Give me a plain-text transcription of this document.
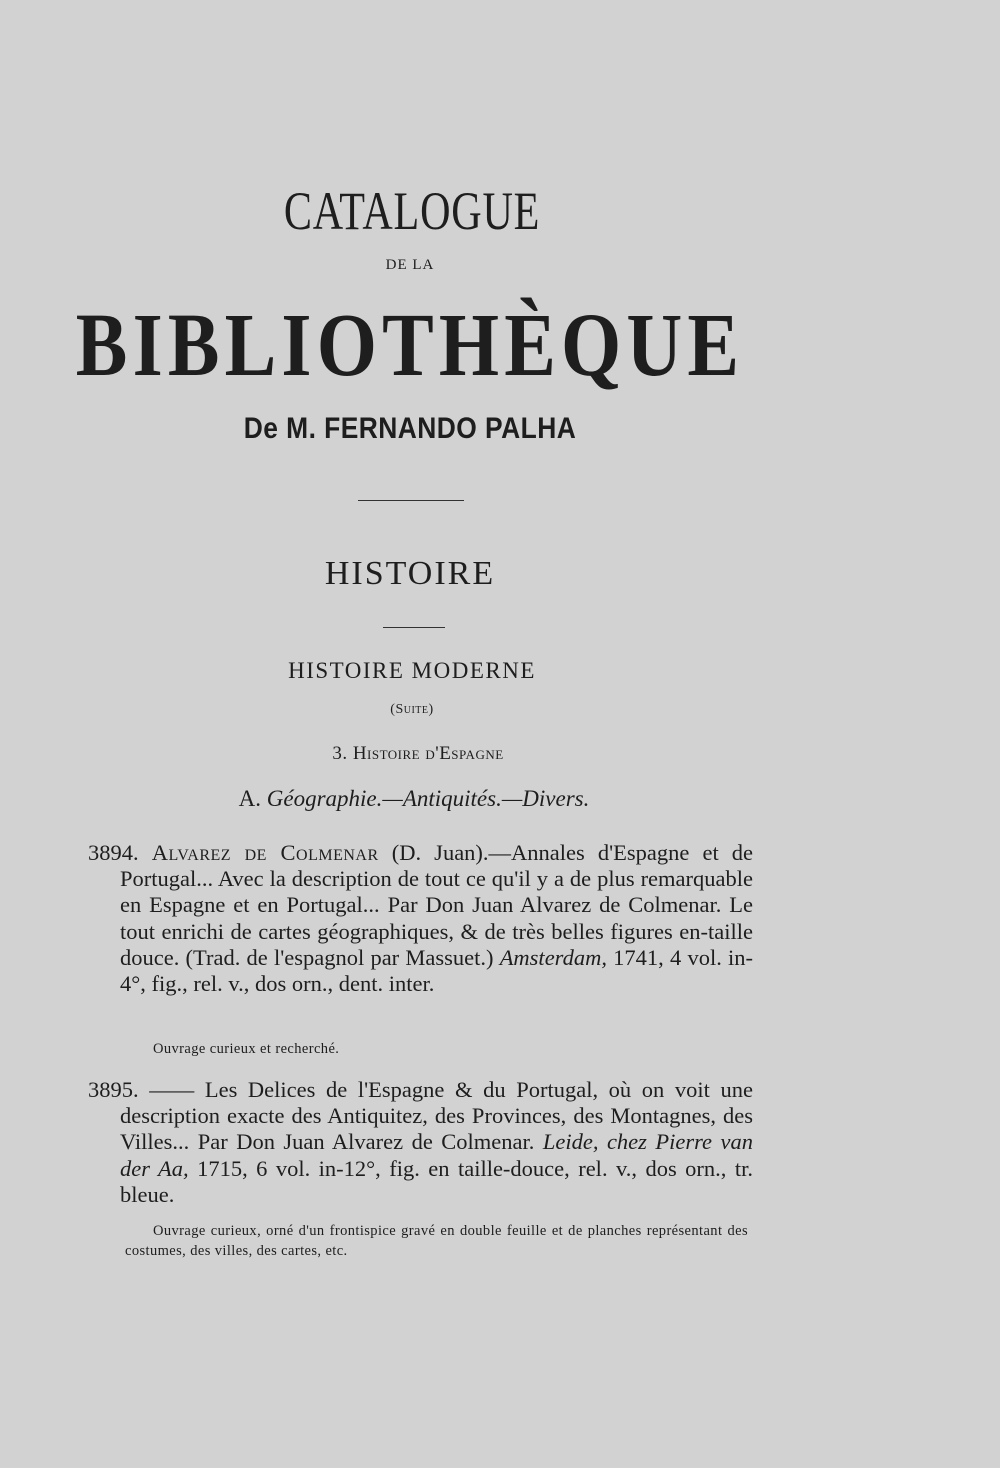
CATALOGUE
DE LA
BIBLIOTHÈQUE
De M. FERNANDO PALHA
HISTOIRE
HISTOIRE MODERNE
(Suite)
3. Histoire d'Espagne
A. Géographie.—Antiquités.—Divers.

3894. Alvarez de Colmenar (D. Juan).—Annales d'Espagne et de Portugal... Avec la description de tout ce qu'il y a de plus remarquable en Espagne et en Portugal... Par Don Juan Alvarez de Colmenar. Le tout enrichi de cartes géographiques, & de très belles figures en-taille douce. (Trad. de l'espagnol par Massuet.) Amsterdam, 1741, 4 vol. in-4°, fig., rel. v., dos orn., dent. inter.

Ouvrage curieux et recherché.

3895. —— Les Delices de l'Espagne & du Portugal, où on voit une description exacte des Antiquitez, des Provinces, des Montagnes, des Villes... Par Don Juan Alvarez de Colmenar. Leide, chez Pierre van der Aa, 1715, 6 vol. in-12°, fig. en taille-douce, rel. v., dos orn., tr. bleue.

Ouvrage curieux, orné d'un frontispice gravé en double feuille et de planches représentant des costumes, des villes, des cartes, etc.
